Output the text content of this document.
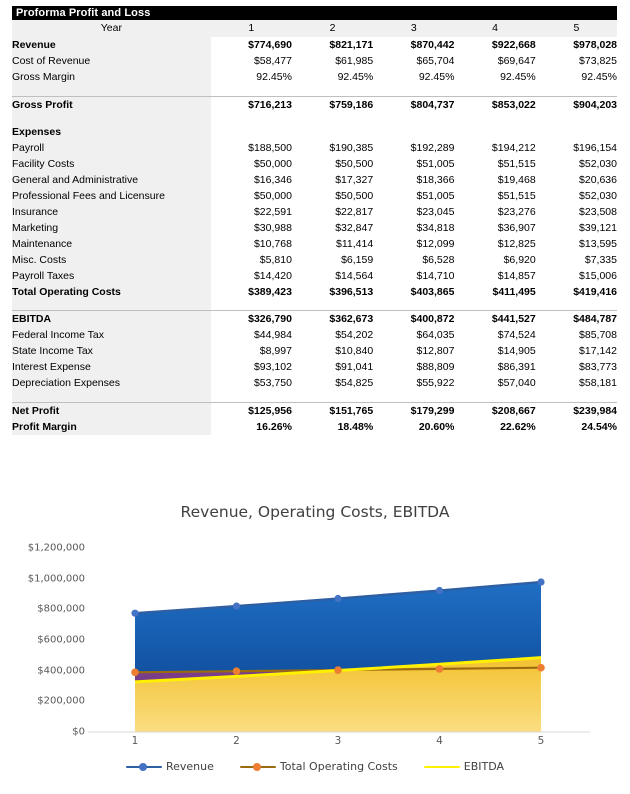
Proforma Profit and Loss
Year	1	2	3	4	5
Revenue	$774,690	$821,171	$870,442	$922,668	$978,028
Cost of Revenue	$58,477	$61,985	$65,704	$69,647	$73,825
Gross Margin	92.45%	92.45%	92.45%	92.45%	92.45%

Gross Profit	$716,213	$759,186	$804,737	$853,022	$904,203

Expenses					
Payroll	$188,500	$190,385	$192,289	$194,212	$196,154
Facility Costs	$50,000	$50,500	$51,005	$51,515	$52,030
General and Administrative	$16,346	$17,327	$18,366	$19,468	$20,636
Professional Fees and Licensure	$50,000	$50,500	$51,005	$51,515	$52,030
Insurance	$22,591	$22,817	$23,045	$23,276	$23,508
Marketing	$30,988	$32,847	$34,818	$36,907	$39,121
Maintenance	$10,768	$11,414	$12,099	$12,825	$13,595
Misc. Costs	$5,810	$6,159	$6,528	$6,920	$7,335
Payroll Taxes	$14,420	$14,564	$14,710	$14,857	$15,006
Total Operating Costs	$389,423	$396,513	$403,865	$411,495	$419,416

EBITDA	$326,790	$362,673	$400,872	$441,527	$484,787
Federal Income Tax	$44,984	$54,202	$64,035	$74,524	$85,708
State Income Tax	$8,997	$10,840	$12,807	$14,905	$17,142
Interest Expense	$93,102	$91,041	$88,809	$86,391	$83,773
Depreciation Expenses	$53,750	$54,825	$55,922	$57,040	$58,181

Net Profit	$125,956	$151,765	$179,299	$208,667	$239,984
Profit Margin	16.26%	18.48%	20.60%	22.62%	24.54%
Revenue, Operating Costs, EBITDA
$1,200,000
$1,000,000
$800,000
$600,000
$400,000
$200,000
$0
1	2	3	4	5
Revenue	Total Operating Costs	EBITDA
